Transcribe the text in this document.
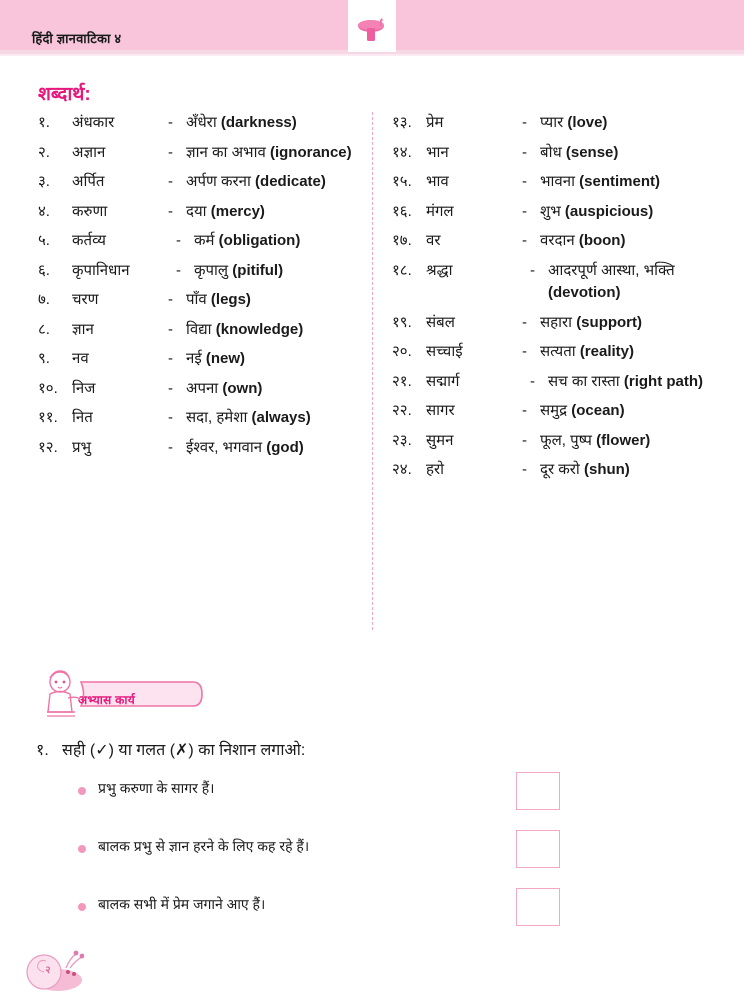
हिंदी ज्ञानवाटिका ४
शब्दार्थ:
१.	अंधकार	- अँधेरा (darkness)
२.	अज्ञान	- ज्ञान का अभाव (ignorance)
३.	अर्पित	- अर्पण करना (dedicate)
४.	करुणा	- दया (mercy)
५.	कर्तव्य	- कर्म (obligation)
६.	कृपानिधान	- कृपालु (pitiful)
७.	चरण	- पाँव (legs)
८.	ज्ञान	- विद्या (knowledge)
९.	नव	- नई (new)
१०. निज	- अपना (own)
११. नित	- सदा, हमेशा (always)
१२. प्रभु	- ईश्वर, भगवान (god)
१३. प्रेम	- प्यार (love)
१४. भान	- बोध (sense)
१५. भाव	- भावना (sentiment)
१६. मंगल	- शुभ (auspicious)
१७. वर	- वरदान (boon)
१८. श्रद्धा	- आदरपूर्ण आस्था, भक्ति (devotion)
१९. संबल	- सहारा (support)
२०. सच्चाई	- सत्यता (reality)
२१. सद्मार्ग	- सच का रास्ता (right path)
२२. सागर	- समुद्र (ocean)
२३. सुमन	- फूल, पुष्प (flower)
२४. हरो	- दूर करो (shun)
अभ्यास कार्य
१. सही (✓) या गलत (✗) का निशान लगाओ:
प्रभु करुणा के सागर हैं।
बालक प्रभु से ज्ञान हरने के लिए कह रहे हैं।
बालक सभी में प्रेम जगाने आए हैं।
२
